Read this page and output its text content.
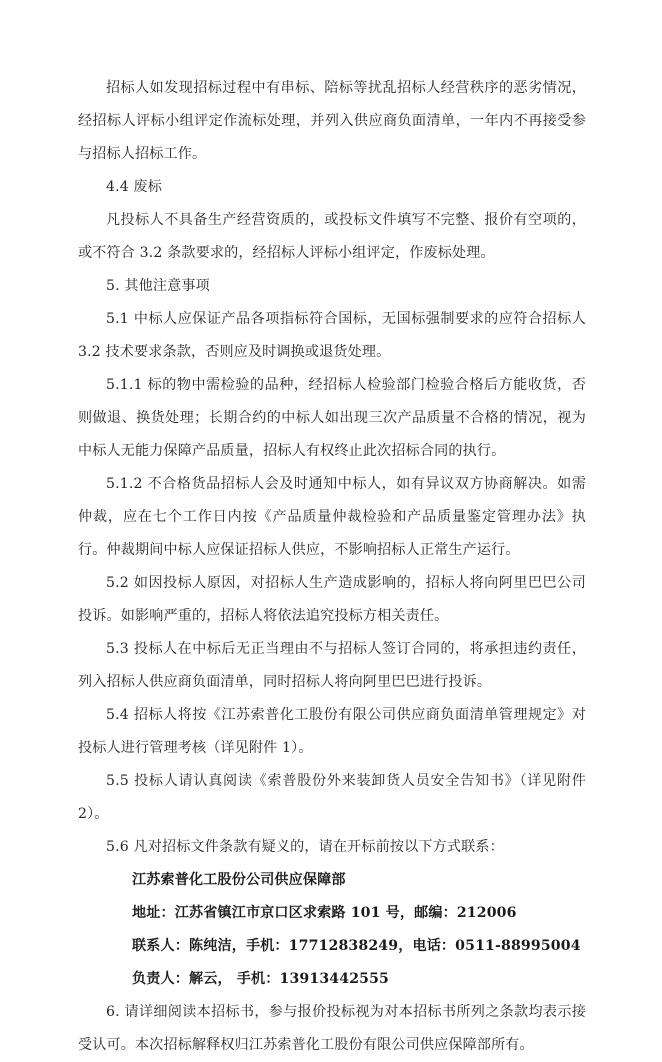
招标人如发现招标过程中有串标、陪标等扰乱招标人经营秩序的恶劣情况，经招标人评标小组评定作流标处理，并列入供应商负面清单，一年内不再接受参与招标人招标工作。

4.4 废标

凡投标人不具备生产经营资质的，或投标文件填写不完整、报价有空项的，或不符合 3.2 条款要求的，经招标人评标小组评定，作废标处理。

5. 其他注意事项

5.1 中标人应保证产品各项指标符合国标，无国标强制要求的应符合招标人 3.2 技术要求条款，否则应及时调换或退货处理。

5.1.1 标的物中需检验的品种，经招标人检验部门检验合格后方能收货，否则做退、换货处理；长期合约的中标人如出现三次产品质量不合格的情况，视为中标人无能力保障产品质量，招标人有权终止此次招标合同的执行。

5.1.2 不合格货品招标人会及时通知中标人，如有异议双方协商解决。如需仲裁，应在七个工作日内按《产品质量仲裁检验和产品质量鉴定管理办法》执行。仲裁期间中标人应保证招标人供应，不影响招标人正常生产运行。

5.2 如因投标人原因，对招标人生产造成影响的，招标人将向阿里巴巴公司投诉。如影响严重的，招标人将依法追究投标方相关责任。

5.3 投标人在中标后无正当理由不与招标人签订合同的，将承担违约责任，列入招标人供应商负面清单，同时招标人将向阿里巴巴进行投诉。

5.4 招标人将按《江苏索普化工股份有限公司供应商负面清单管理规定》对投标人进行管理考核（详见附件 1）。

5.5 投标人请认真阅读《索普股份外来装卸货人员安全告知书》（详见附件 2）。

5.6 凡对招标文件条款有疑义的，请在开标前按以下方式联系：

江苏索普化工股份公司供应保障部

地址：江苏省镇江市京口区求索路 101 号，邮编：212006

联系人：陈纯洁，手机：17712838249，电话：0511-88995004

负责人：解云， 手机：13913442555

6. 请详细阅读本招标书，参与报价投标视为对本招标书所列之条款均表示接受认可。本次招标解释权归江苏索普化工股份有限公司供应保障部所有。
